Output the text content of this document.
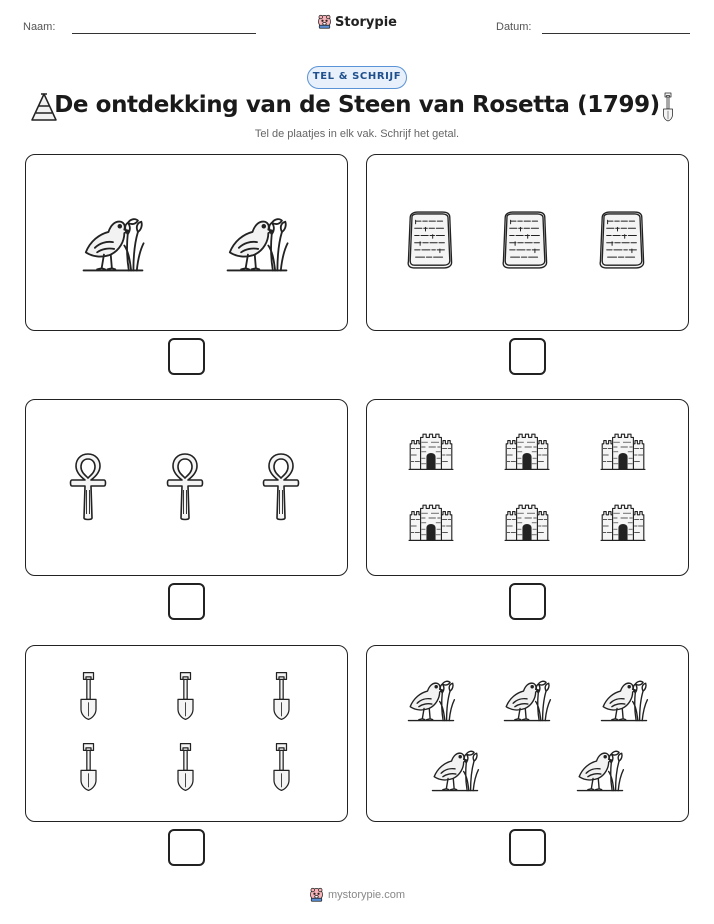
Naam:	Storypie	Datum:
TEL & SCHRIJF
De ontdekking van de Steen van Rosetta (1799)
Tel de plaatjes in elk vak. Schrijf het getal.
mystorypie.com
